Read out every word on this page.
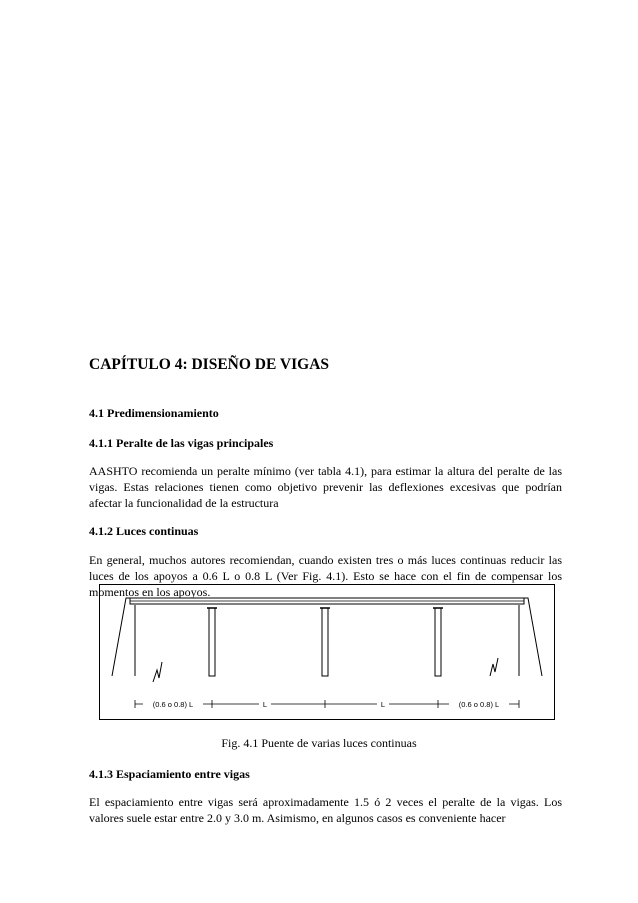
CAPÍTULO 4: DISEÑO DE VIGAS
4.1 Predimensionamiento
4.1.1 Peralte de las vigas principales

AASHTO recomienda un peralte mínimo (ver tabla 4.1), para estimar la altura del peralte de las vigas. Estas relaciones tienen como objetivo prevenir las deflexiones excesivas que podrían afectar la funcionalidad de la estructura

4.1.2 Luces continuas

En general, muchos autores recomiendan, cuando existen tres o más luces continuas reducir las luces de los apoyos a 0.6 L o 0.8 L (Ver Fig. 4.1). Esto se hace con el fin de compensar los momentos en los apoyos.

(0.6 o 0.8) L	L	L	(0.6 o 0.8) L
Fig. 4.1 Puente de varias luces continuas
4.1.3 Espaciamiento entre vigas

El espaciamiento entre vigas será aproximadamente 1.5 ó 2 veces el peralte de la vigas. Los valores suele estar entre 2.0 y 3.0 m. Asimismo, en algunos casos es conveniente hacer
